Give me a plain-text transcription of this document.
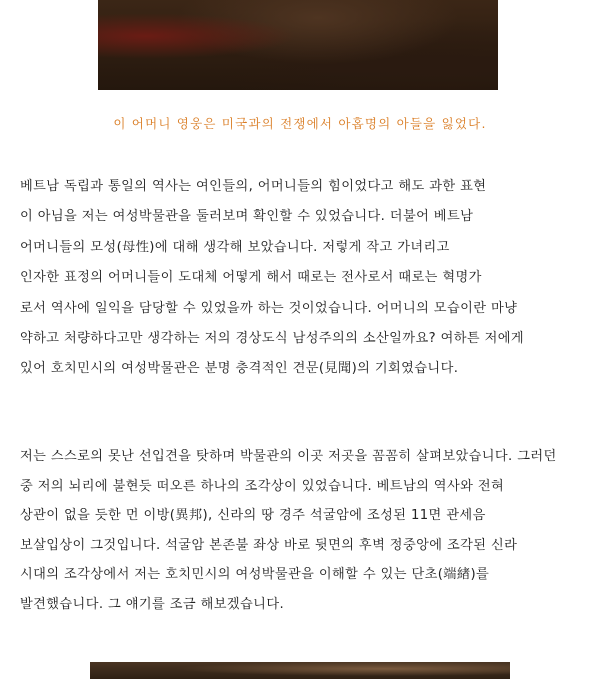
이 어머니 영웅은 미국과의 전쟁에서 아홉명의 아들을 잃었다.
베트남 독립과 통일의 역사는 여인들의, 어머니들의 힘이었다고 해도 과한 표현
이 아님을 저는 여성박물관을 둘러보며 확인할 수 있었습니다. 더불어 베트남
어머니들의 모성(母性)에 대해 생각해 보았습니다. 저렇게 작고 가녀리고
인자한 표정의 어머니들이 도대체 어떻게 해서 때로는 전사로서 때로는 혁명가
로서 역사에 일익을 담당할 수 있었을까 하는 것이었습니다. 어머니의 모습이란 마냥
약하고 처량하다고만 생각하는 저의 경상도식 남성주의의 소산일까요? 여하튼 저에게
있어 호치민시의 여성박물관은 분명 충격적인 견문(見聞)의 기회였습니다.
저는 스스로의 못난 선입견을 탓하며 박물관의 이곳 저곳을 꼼꼼히 살펴보았습니다. 그러던
중 저의 뇌리에 불현듯 떠오른 하나의 조각상이 있었습니다. 베트남의 역사와 전혀
상관이 없을 듯한 먼 이방(異邦), 신라의 땅 경주 석굴암에 조성된 11면 관세음
보살입상이 그것입니다. 석굴암 본존불 좌상 바로 뒷면의 후벽 정중앙에 조각된 신라
시대의 조각상에서 저는 호치민시의 여성박물관을 이해할 수 있는 단초(端緖)를
발견했습니다. 그 얘기를 조금 해보겠습니다.
